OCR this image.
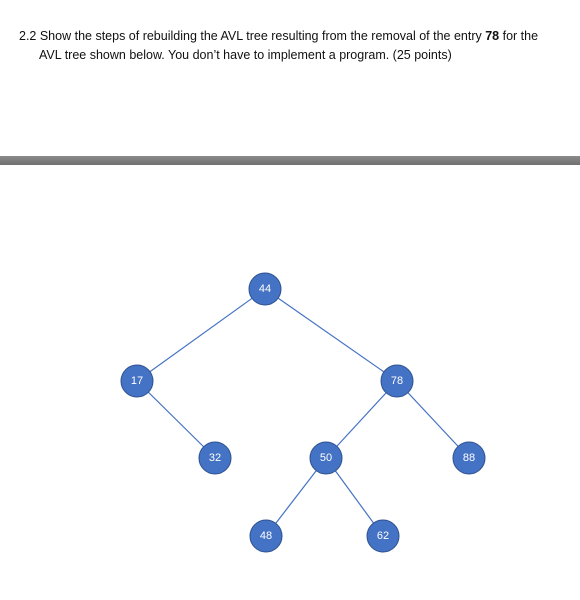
2.2 Show the steps of rebuilding the AVL tree resulting from the removal of the entry 78 for the
AVL tree shown below. You don’t have to implement a program. (25 points)
44
17	78
32	50	88
48	62
